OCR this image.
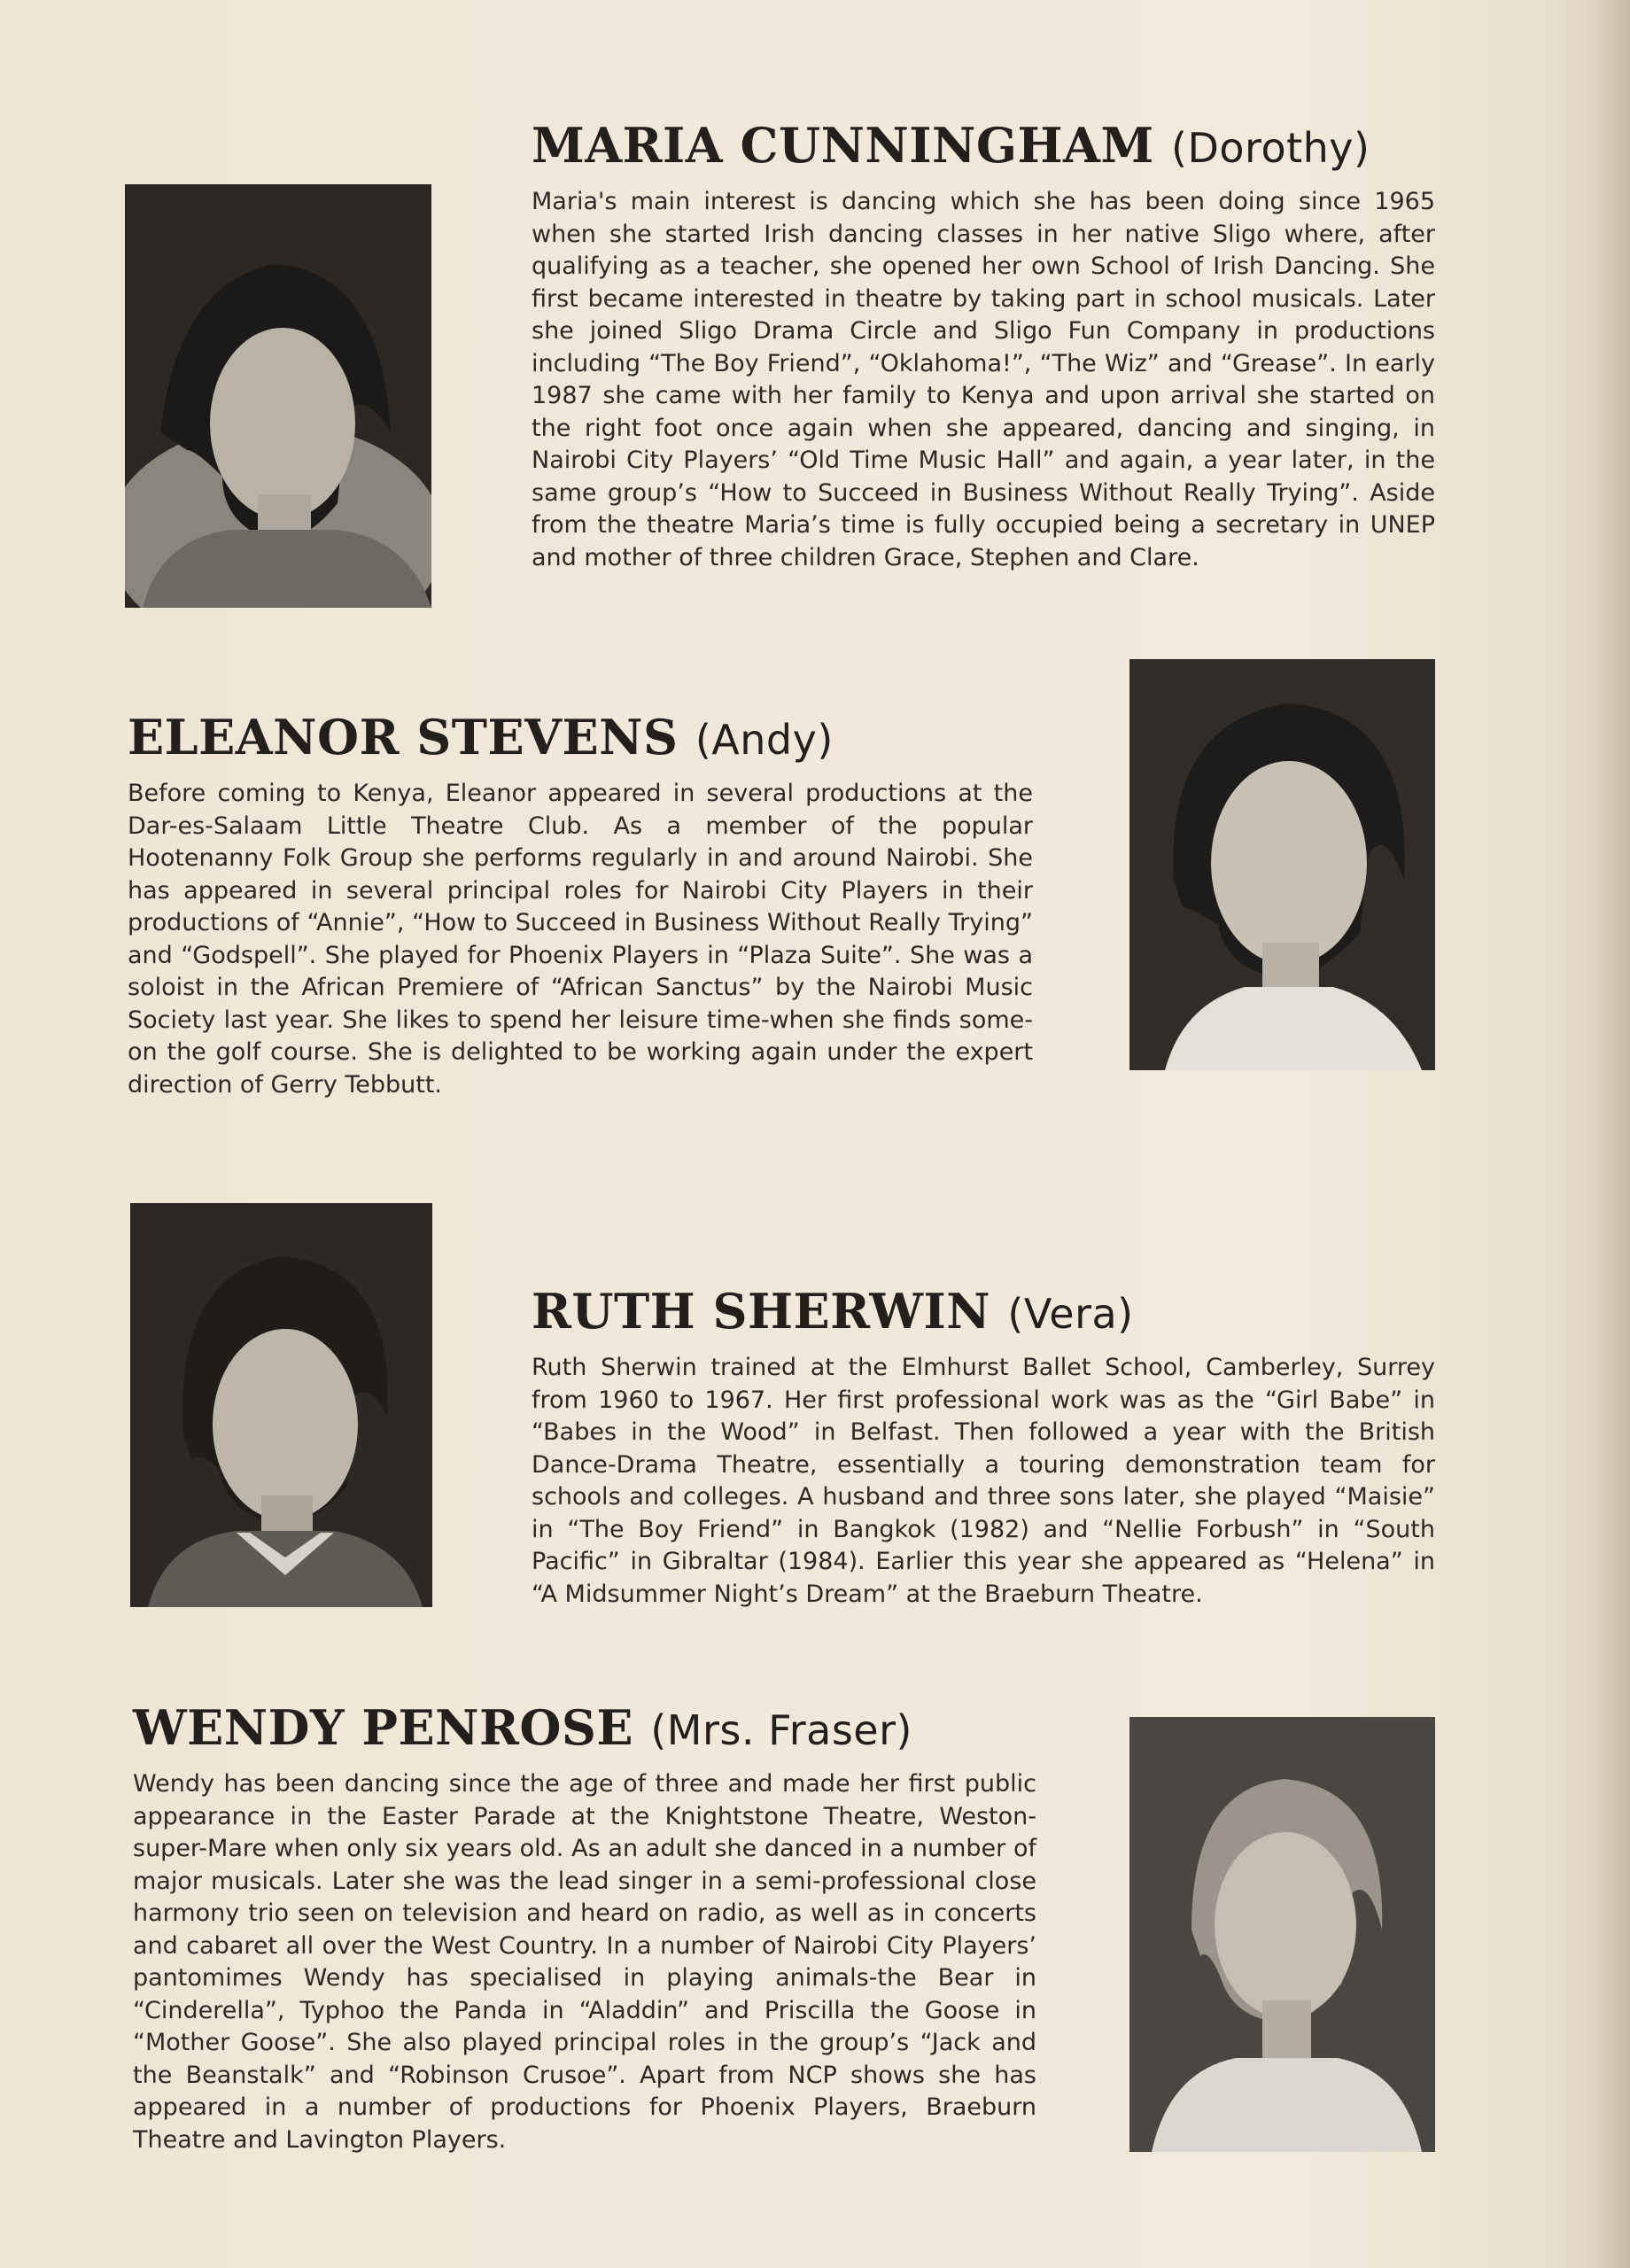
MARIA CUNNINGHAM (Dorothy)

Maria's main interest is dancing which she has been doing since 1965 when she started Irish dancing classes in her native Sligo where, after qualifying as a teacher, she opened her own School of Irish Dancing. She first became interested in theatre by taking part in school musicals. Later she joined Sligo Drama Circle and Sligo Fun Company in productions including “The Boy Friend”, “Oklahoma!”, “The Wiz” and “Grease”. In early 1987 she came with her family to Kenya and upon arrival she started on the right foot once again when she appeared, dancing and singing, in Nairobi City Players’ “Old Time Music Hall” and again, a year later, in the same group’s “How to Succeed in Business Without Really Trying”. Aside from the theatre Maria’s time is fully occupied being a secretary in UNEP and mother of three children Grace, Stephen and Clare.

ELEANOR STEVENS (Andy)

Before coming to Kenya, Eleanor appeared in several productions at the Dar-es-Salaam Little Theatre Club. As a member of the popular Hootenanny Folk Group she performs regularly in and around Nairobi. She has appeared in several principal roles for Nairobi City Players in their productions of “Annie”, “How to Succeed in Business Without Really Trying” and “Godspell”. She played for Phoenix Players in “Plaza Suite”. She was a soloist in the African Premiere of “African Sanctus” by the Nairobi Music Society last year. She likes to spend her leisure time-when she finds some-on the golf course. She is delighted to be working again under the expert direction of Gerry Tebbutt.

RUTH SHERWIN (Vera)

Ruth Sherwin trained at the Elmhurst Ballet School, Camberley, Surrey from 1960 to 1967. Her first professional work was as the “Girl Babe” in “Babes in the Wood” in Belfast. Then followed a year with the British Dance-Drama Theatre, essentially a touring demonstration team for schools and colleges. A husband and three sons later, she played “Maisie” in “The Boy Friend” in Bangkok (1982) and “Nellie Forbush” in “South Pacific” in Gibraltar (1984). Earlier this year she appeared as “Helena” in “A Midsummer Night’s Dream” at the Braeburn Theatre.

WENDY PENROSE (Mrs. Fraser)

Wendy has been dancing since the age of three and made her first public appearance in the Easter Parade at the Knightstone Theatre, Weston-super-Mare when only six years old. As an adult she danced in a number of major musicals. Later she was the lead singer in a semi-professional close harmony trio seen on television and heard on radio, as well as in concerts and cabaret all over the West Country. In a number of Nairobi City Players’ pantomimes Wendy has specialised in playing animals-the Bear in “Cinderella”, Typhoo the Panda in “Aladdin” and Priscilla the Goose in “Mother Goose”. She also played principal roles in the group’s “Jack and the Beanstalk” and “Robinson Crusoe”. Apart from NCP shows she has appeared in a number of productions for Phoenix Players, Braeburn Theatre and Lavington Players.
